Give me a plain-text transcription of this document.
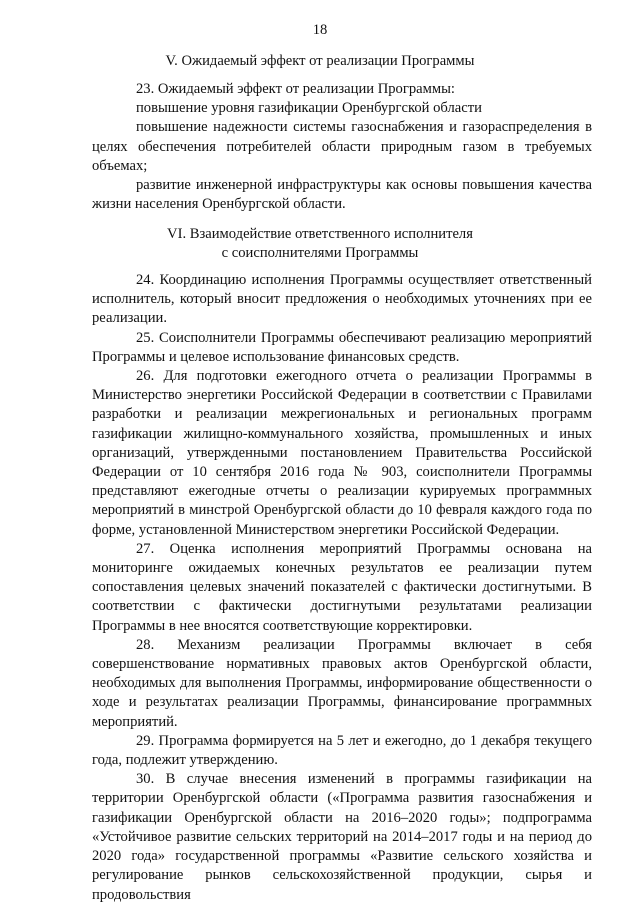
18
V. Ожидаемый эффект от реализации Программы

23. Ожидаемый эффект от реализации Программы:

повышение уровня газификации Оренбургской области

повышение надежности системы газоснабжения и газораспределения в целях обеспечения потребителей области природным газом в требуемых объемах;

развитие инженерной инфраструктуры как основы повышения качества жизни населения Оренбургской области.

VI. Взаимодействие ответственного исполнителя
с соисполнителями Программы

24. Координацию исполнения Программы осуществляет ответственный исполнитель, который вносит предложения о необходимых уточнениях при ее реализации.

25. Соисполнители Программы обеспечивают реализацию мероприятий Программы и целевое использование финансовых средств.

26. Для подготовки ежегодного отчета о реализации Программы в Министерство энергетики Российской Федерации в соответствии с Правилами разработки и реализации межрегиональных и региональных программ газификации жилищно-коммунального хозяйства, промышленных и иных организаций, утвержденными постановлением Правительства Российской Федерации от 10 сентября 2016 года № 903, соисполнители Программы представляют ежегодные отчеты о реализации курируемых программных мероприятий в минстрой Оренбургской области до 10 февраля каждого года по форме, установленной Министерством энергетики Российской Федерации.

27. Оценка исполнения мероприятий Программы основана на мониторинге ожидаемых конечных результатов ее реализации путем сопоставления целевых значений показателей с фактически достигнутыми. В соответствии с фактически достигнутыми результатами реализации Программы в нее вносятся соответствующие корректировки.

28. Механизм реализации Программы включает в себя совершенствование нормативных правовых актов Оренбургской области, необходимых для выполнения Программы, информирование общественности о ходе и результатах реализации Программы, финансирование программных мероприятий.

29. Программа формируется на 5 лет и ежегодно, до 1 декабря текущего года, подлежит утверждению.

30. В случае внесения изменений в программы газификации на территории Оренбургской области («Программа развития газоснабжения и газификации Оренбургской области на 2016–2020 годы»; подпрограмма «Устойчивое развитие сельских территорий на 2014–2017 годы и на период до 2020 года» государственной программы «Развитие сельского хозяйства и регулирование рынков сельскохозяйственной продукции, сырья и продовольствия
